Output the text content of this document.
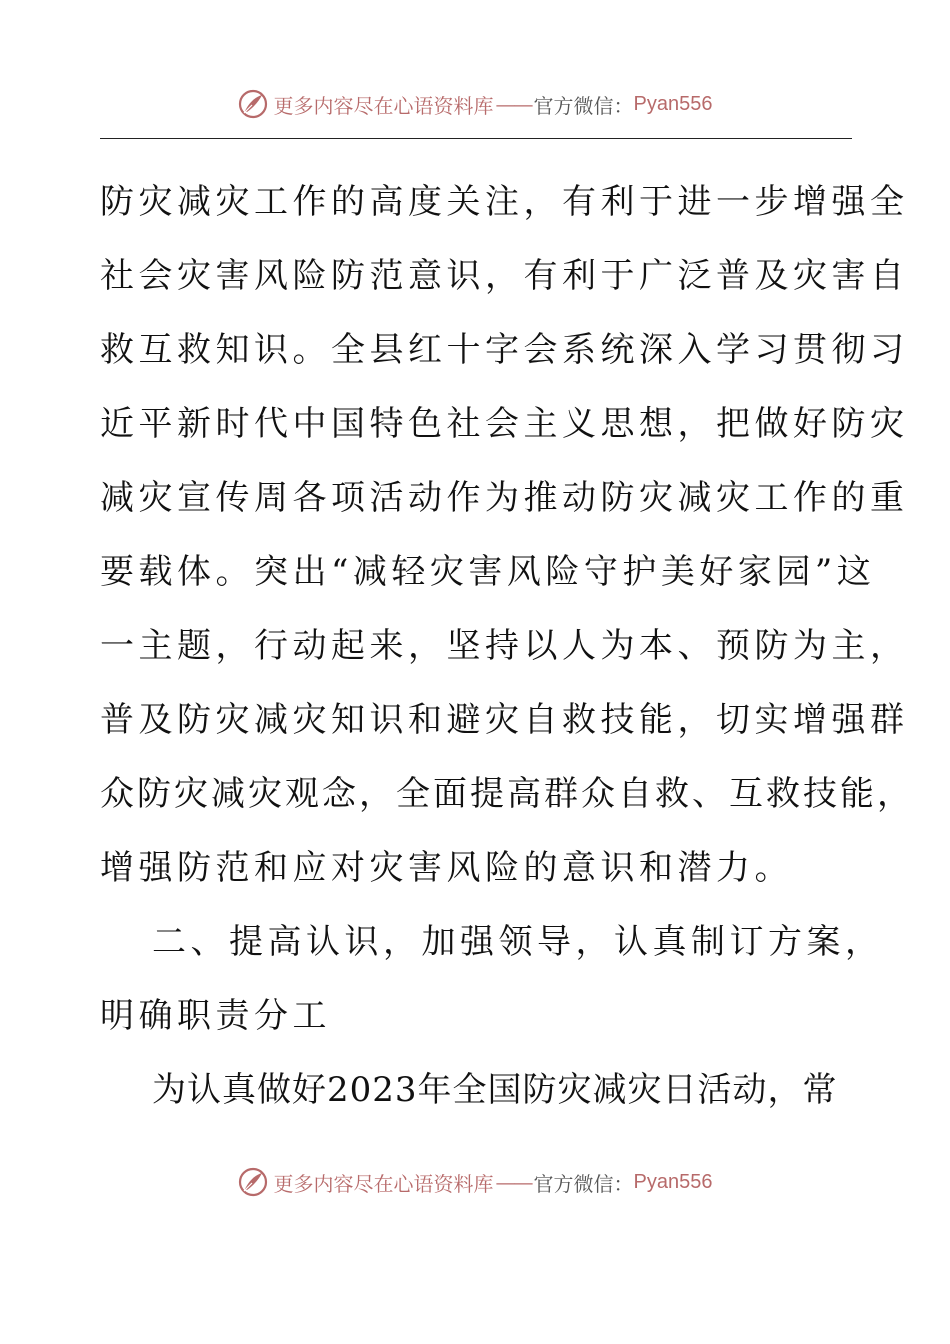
更多内容尽在心语资料库 —— 官方微信： Pyan556
防灾减灾工作的高度关注，有利于进一步增强全
社会灾害风险防范意识，有利于广泛普及灾害自
救互救知识。全县红十字会系统深入学习贯彻习
近平新时代中国特色社会主义思想，把做好防灾
减灾宣传周各项活动作为推动防灾减灾工作的重
要载体。突出“减轻灾害风险守护美好家园”这
一主题，行动起来，坚持以人为本、预防为主，
普及防灾减灾知识和避灾自救技能，切实增强群
众防灾减灾观念，全面提高群众自救、互救技能，
增强防范和应对灾害风险的意识和潜力。
二、提高认识，加强领导，认真制订方案，
明确职责分工
为认真做好2023年全国防灾减灾日活动，常
更多内容尽在心语资料库 —— 官方微信： Pyan556
